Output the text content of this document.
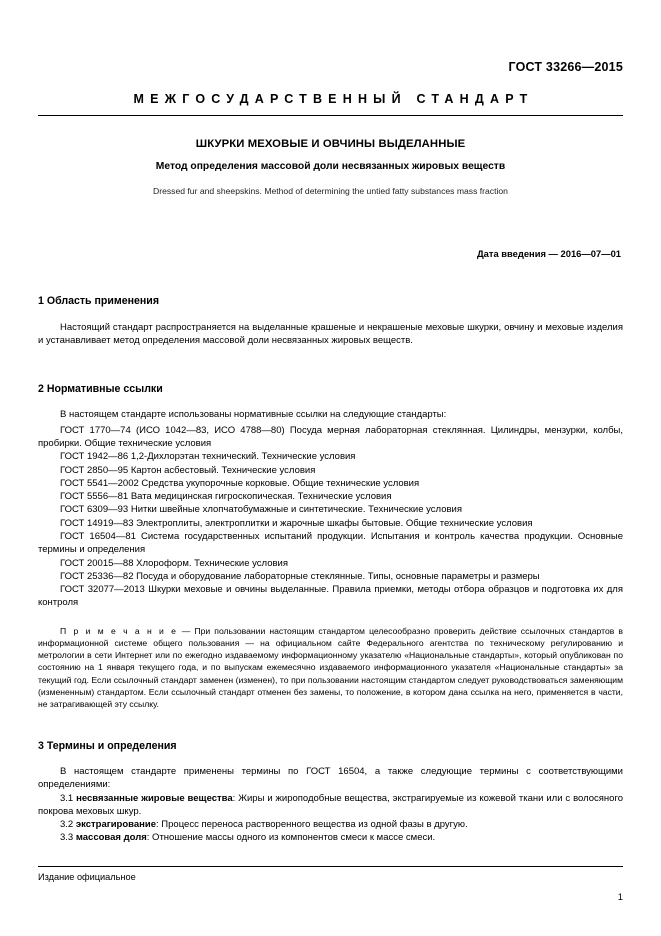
ГОСТ 33266—2015
МЕЖГОСУДАРСТВЕННЫЙ СТАНДАРТ
ШКУРКИ МЕХОВЫЕ И ОВЧИНЫ ВЫДЕЛАННЫЕ
Метод определения массовой доли несвязанных жировых веществ
Dressed fur and sheepskins. Method of determining the untied fatty substances mass fraction
Дата введения — 2016—07—01
1 Область применения

Настоящий стандарт распространяется на выделанные крашеные и некрашеные меховые шкурки, овчину и меховые изделия и устанавливает метод определения массовой доли несвязанных жировых веществ.

2 Нормативные ссылки

В настоящем стандарте использованы нормативные ссылки на следующие стандарты:

ГОСТ 1770—74 (ИСО 1042—83, ИСО 4788—80) Посуда мерная лабораторная стеклянная. Цилиндры, мензурки, колбы, пробирки. Общие технические условия

ГОСТ 1942—86 1,2-Дихлорэтан технический. Технические условия

ГОСТ 2850—95 Картон асбестовый. Технические условия

ГОСТ 5541—2002 Средства укупорочные корковые. Общие технические условия

ГОСТ 5556—81 Вата медицинская гигроскопическая. Технические условия

ГОСТ 6309—93 Нитки швейные хлопчатобумажные и синтетические. Технические условия

ГОСТ 14919—83 Электроплиты, электроплитки и жарочные шкафы бытовые. Общие технические условия

ГОСТ 16504—81 Система государственных испытаний продукции. Испытания и контроль качества продукции. Основные термины и определения

ГОСТ 20015—88 Хлороформ. Технические условия

ГОСТ 25336—82 Посуда и оборудование лабораторные стеклянные. Типы, основные параметры и размеры

ГОСТ 32077—2013 Шкурки меховые и овчины выделанные. Правила приемки, методы отбора образцов и подготовка их для контроля

П р и м е ч а н и е — При пользовании настоящим стандартом целесообразно проверить действие ссылочных стандартов в информационной системе общего пользования — на официальном сайте Федерального агентства по техническому регулированию и метрологии в сети Интернет или по ежегодно издаваемому информационному указателю «Национальные стандарты», который опубликован по состоянию на 1 января текущего года, и по выпускам ежемесячно издаваемого информационного указателя «Национальные стандарты» за текущий год. Если ссылочный стандарт заменен (изменен), то при пользовании настоящим стандартом следует руководствоваться заменяющим (измененным) стандартом. Если ссылочный стандарт отменен без замены, то положение, в котором дана ссылка на него, применяется в части, не затрагивающей эту ссылку.
3 Термины и определения

В настоящем стандарте применены термины по ГОСТ 16504, а также следующие термины с соответствующими определениями:

3.1 несвязанные жировые вещества: Жиры и жироподобные вещества, экстрагируемые из кожевой ткани или с волосяного покрова меховых шкур.

3.2 экстрагирование: Процесс переноса растворенного вещества из одной фазы в другую.

3.3 массовая доля: Отношение массы одного из компонентов смеси к массе смеси.

Издание официальное
1
